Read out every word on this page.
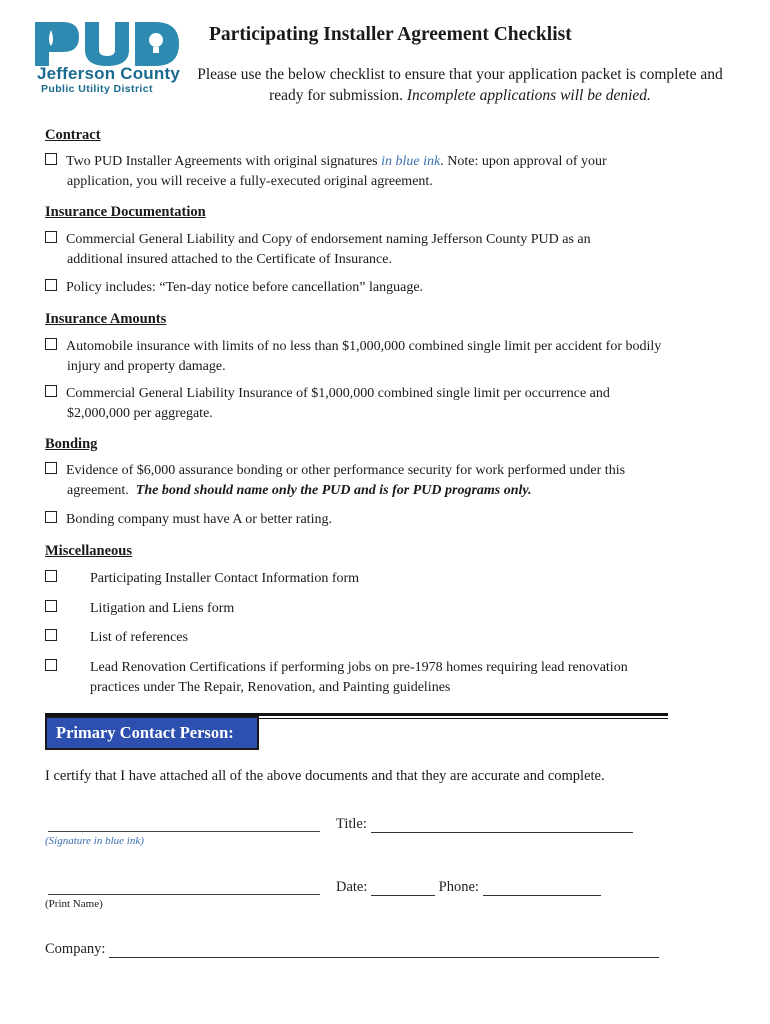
Jefferson County
Public Utility District
Participating Installer Agreement Checklist
Please use the below checklist to ensure that your application packet is complete and ready for submission. Incomplete applications will be denied.
Contract
Two PUD Installer Agreements with original signatures in blue ink. Note: upon approval of your
application, you will receive a fully-executed original agreement.
Insurance Documentation
Commercial General Liability and Copy of endorsement naming Jefferson County PUD as an
additional insured attached to the Certificate of Insurance.
Policy includes: “Ten-day notice before cancellation” language.
Insurance Amounts
Automobile insurance with limits of no less than $1,000,000 combined single limit per accident for bodily
injury and property damage.
Commercial General Liability Insurance of $1,000,000 combined single limit per occurrence and
$2,000,000 per aggregate.
Bonding
Evidence of $6,000 assurance bonding or other performance security for work performed under this
agreement. The bond should name only the PUD and is for PUD programs only.
Bonding company must have A or better rating.
Miscellaneous
Participating Installer Contact Information form
Litigation and Liens form
List of references
Lead Renovation Certifications if performing jobs on pre-1978 homes requiring lead renovation
practices under The Repair, Renovation, and Painting guidelines
Primary Contact Person:
I certify that I have attached all of the above documents and that they are accurate and complete.
Title:
(Signature in blue ink)
Date:	Phone:
(Print Name)
Company:
